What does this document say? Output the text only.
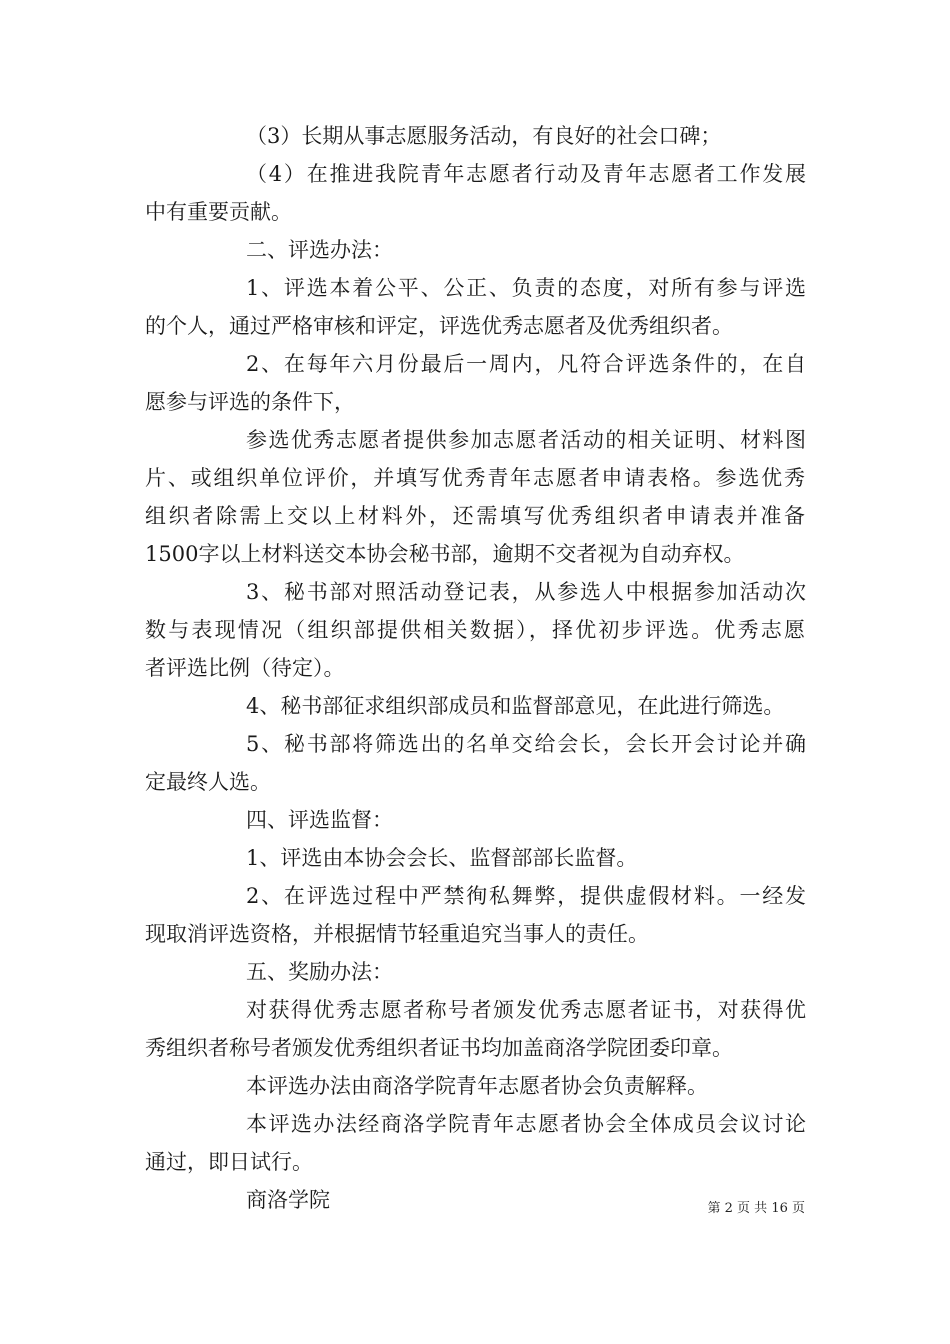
（3）长期从事志愿服务活动，有良好的社会口碑；
（4）在推进我院青年志愿者行动及青年志愿者工作发展
中有重要贡献。
二、评选办法：
1、评选本着公平、公正、负责的态度，对所有参与评选
的个人，通过严格审核和评定，评选优秀志愿者及优秀组织者。
2、在每年六月份最后一周内，凡符合评选条件的，在自
愿参与评选的条件下，
参选优秀志愿者提供参加志愿者活动的相关证明、材料图
片、或组织单位评价，并填写优秀青年志愿者申请表格。参选优秀
组织者除需上交以上材料外，还需填写优秀组织者申请表并准备
1500字以上材料送交本协会秘书部，逾期不交者视为自动弃权。
3、秘书部对照活动登记表，从参选人中根据参加活动次
数与表现情况（组织部提供相关数据），择优初步评选。优秀志愿
者评选比例（待定）。
4、秘书部征求组织部成员和监督部意见，在此进行筛选。
5、秘书部将筛选出的名单交给会长，会长开会讨论并确
定最终人选。
四、评选监督：
1、评选由本协会会长、监督部部长监督。
2、在评选过程中严禁徇私舞弊，提供虚假材料。一经发
现取消评选资格，并根据情节轻重追究当事人的责任。
五、奖励办法：
对获得优秀志愿者称号者颁发优秀志愿者证书，对获得优
秀组织者称号者颁发优秀组织者证书均加盖商洛学院团委印章。
本评选办法由商洛学院青年志愿者协会负责解释。
本评选办法经商洛学院青年志愿者协会全体成员会议讨论
通过，即日试行。
商洛学院	第 2 页 共 16 页
